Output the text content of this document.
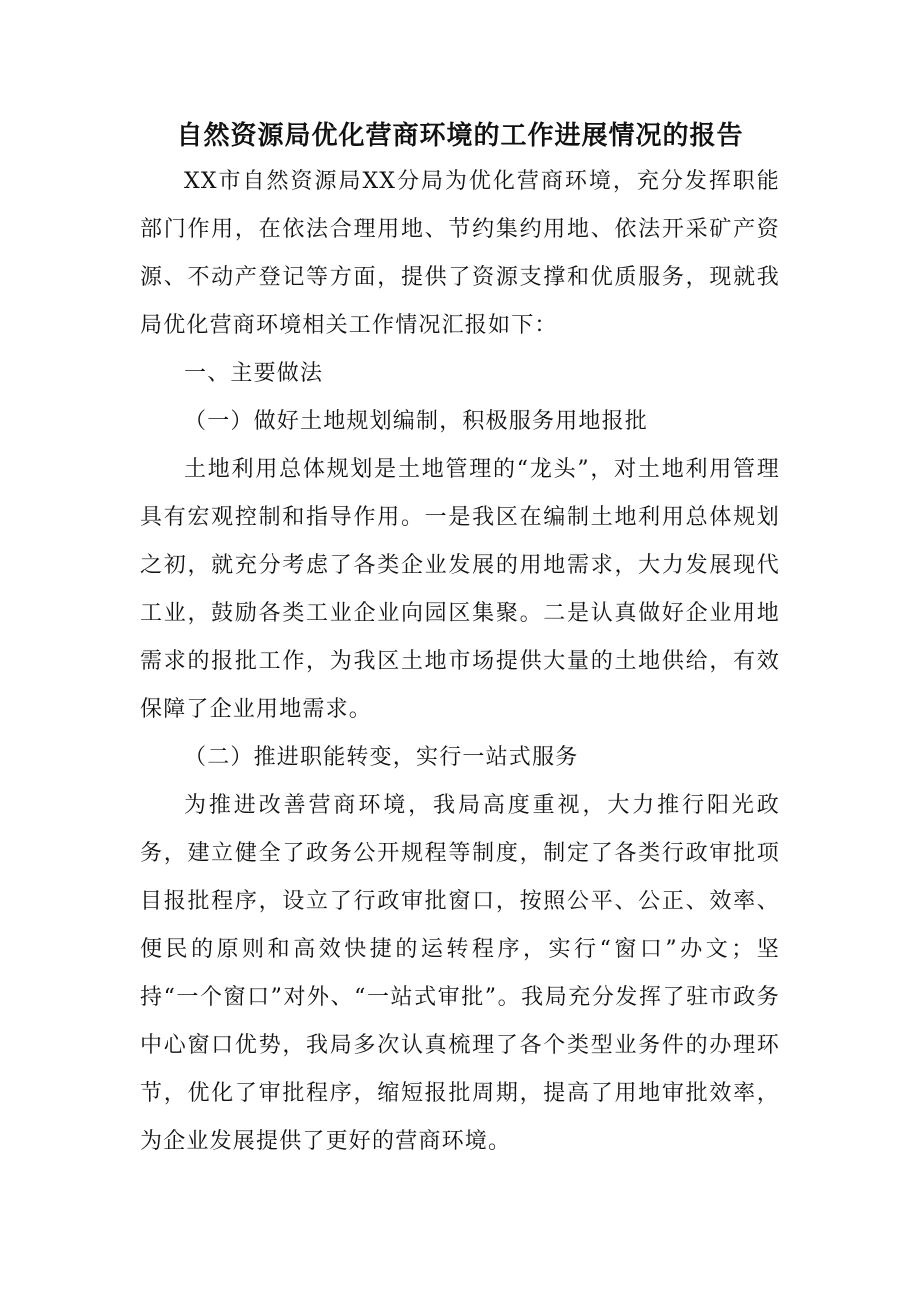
自然资源局优化营商环境的工作进展情况的报告

XX市自然资源局XX分局为优化营商环境，充分发挥职能部门作用，在依法合理用地、节约集约用地、依法开采矿产资源、不动产登记等方面，提供了资源支撑和优质服务，现就我局优化营商环境相关工作情况汇报如下：

一、主要做法

（一）做好土地规划编制，积极服务用地报批

土地利用总体规划是土地管理的“龙头”，对土地利用管理具有宏观控制和指导作用。一是我区在编制土地利用总体规划之初，就充分考虑了各类企业发展的用地需求，大力发展现代工业，鼓励各类工业企业向园区集聚。二是认真做好企业用地需求的报批工作，为我区土地市场提供大量的土地供给，有效保障了企业用地需求。

（二）推进职能转变，实行一站式服务

为推进改善营商环境，我局高度重视，大力推行阳光政务，建立健全了政务公开规程等制度，制定了各类行政审批项目报批程序，设立了行政审批窗口，按照公平、公正、效率、便民的原则和高效快捷的运转程序，实行“窗口”办文；坚持“一个窗口”对外、“一站式审批”。我局充分发挥了驻市政务中心窗口优势，我局多次认真梳理了各个类型业务件的办理环节，优化了审批程序，缩短报批周期，提高了用地审批效率，为企业发展提供了更好的营商环境。
